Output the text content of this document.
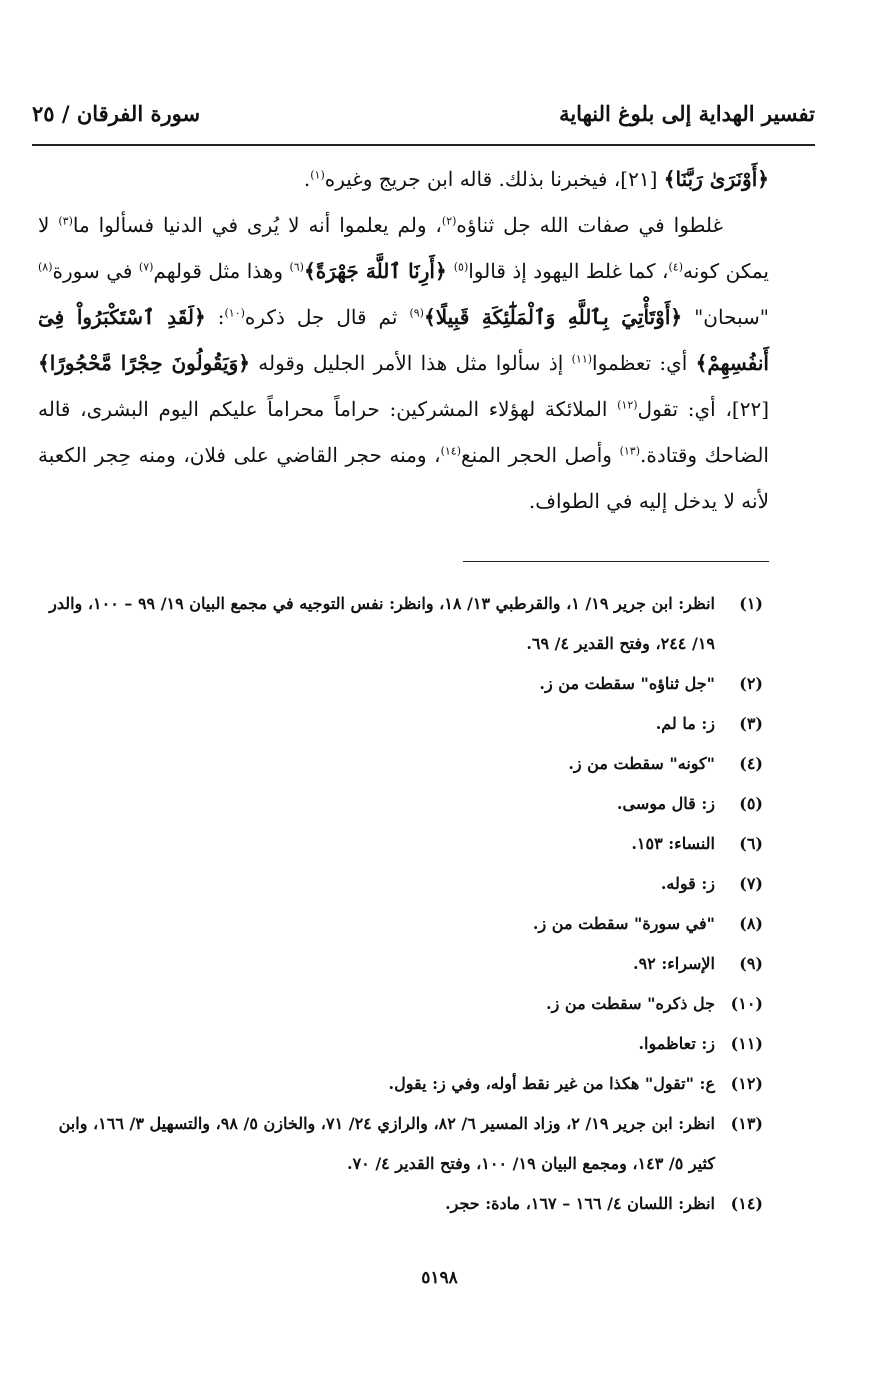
تفسير الهداية إلى بلوغ النهاية
سورة الفرقان / ٢٥

﴿أَوْنَرَىٰ رَبَّنَا﴾ [٢١]، فيخبرنا بذلك. قاله ابن جريج وغيره$^{(١)}$.

غلطوا في صفات الله جل ثناؤه$^{(٢)}$، ولم يعلموا أنه لا يُرى في الدنيا فسألوا ما$^{(٣)}$ لا يمكن كونه$^{(٤)}$، كما غلط اليهود إذ قالوا$^{(٥)}$ ﴿أَرِنَا ٱللَّهَ جَهْرَةً﴾$^{(٦)}$ وهذا مثل قولهم$^{(٧)}$ في سورة$^{(٨)}$ "سبحان" ﴿أَوْتَأْتِيَ بِٱللَّهِ وَٱلْمَلَٰٓئِكَةِ قَبِيلًا﴾$^{(٩)}$ ثم قال جل ذكره$^{(١٠)}$: ﴿لَقَدِ ٱسْتَكْبَرُواْ فِىٓ أَنفُسِهِمْ﴾ أي: تعظموا$^{(١١)}$ إذ سألوا مثل هذا الأمر الجليل وقوله ﴿وَيَقُولُونَ حِجْرًا مَّحْجُورًا﴾ [٢٢]، أي: تقول$^{(١٢)}$ الملائكة لهؤلاء المشركين: حراماً محراماً عليكم اليوم البشرى، قاله الضاحك وقتادة.$^{(١٣)}$ وأصل الحجر المنع$^{(١٤)}$، ومنه حجر القاضي على فلان، ومنه حِجر الكعبة لأنه لا يدخل إليه في الطواف.

(١)
انظر: ابن جرير ١٩/ ١، والقرطبي ١٣/ ١٨، وانظر: نفس التوجيه في مجمع البيان ١٩/ ٩٩ – ١٠٠، والدر ١٩/ ٢٤٤، وفتح القدير ٤/ ٦٩.
(٢)
"جل ثناؤه" سقطت من ز.
(٣)
ز: ما لم.
(٤)
"كونه" سقطت من ز.
(٥)
ز: قال موسى.
(٦)
النساء: ١٥٣.
(٧)
ز: قوله.
(٨)
"في سورة" سقطت من ز.
(٩)
الإسراء: ٩٢.
(١٠)
جل ذكره" سقطت من ز.
(١١)
ز: تعاظموا.
(١٢)
ع: "تقول" هكذا من غير نقط أوله، وفي ز: يقول.
(١٣)
انظر: ابن جرير ١٩/ ٢، وزاد المسير ٦/ ٨٢، والرازي ٢٤/ ٧١، والخازن ٥/ ٩٨، والتسهيل ٣/ ١٦٦، وابن كثير ٥/ ١٤٣، ومجمع البيان ١٩/ ١٠٠، وفتح القدير ٤/ ٧٠.
(١٤)
انظر: اللسان ٤/ ١٦٦ – ١٦٧، مادة: حجر.
٥١٩٨
